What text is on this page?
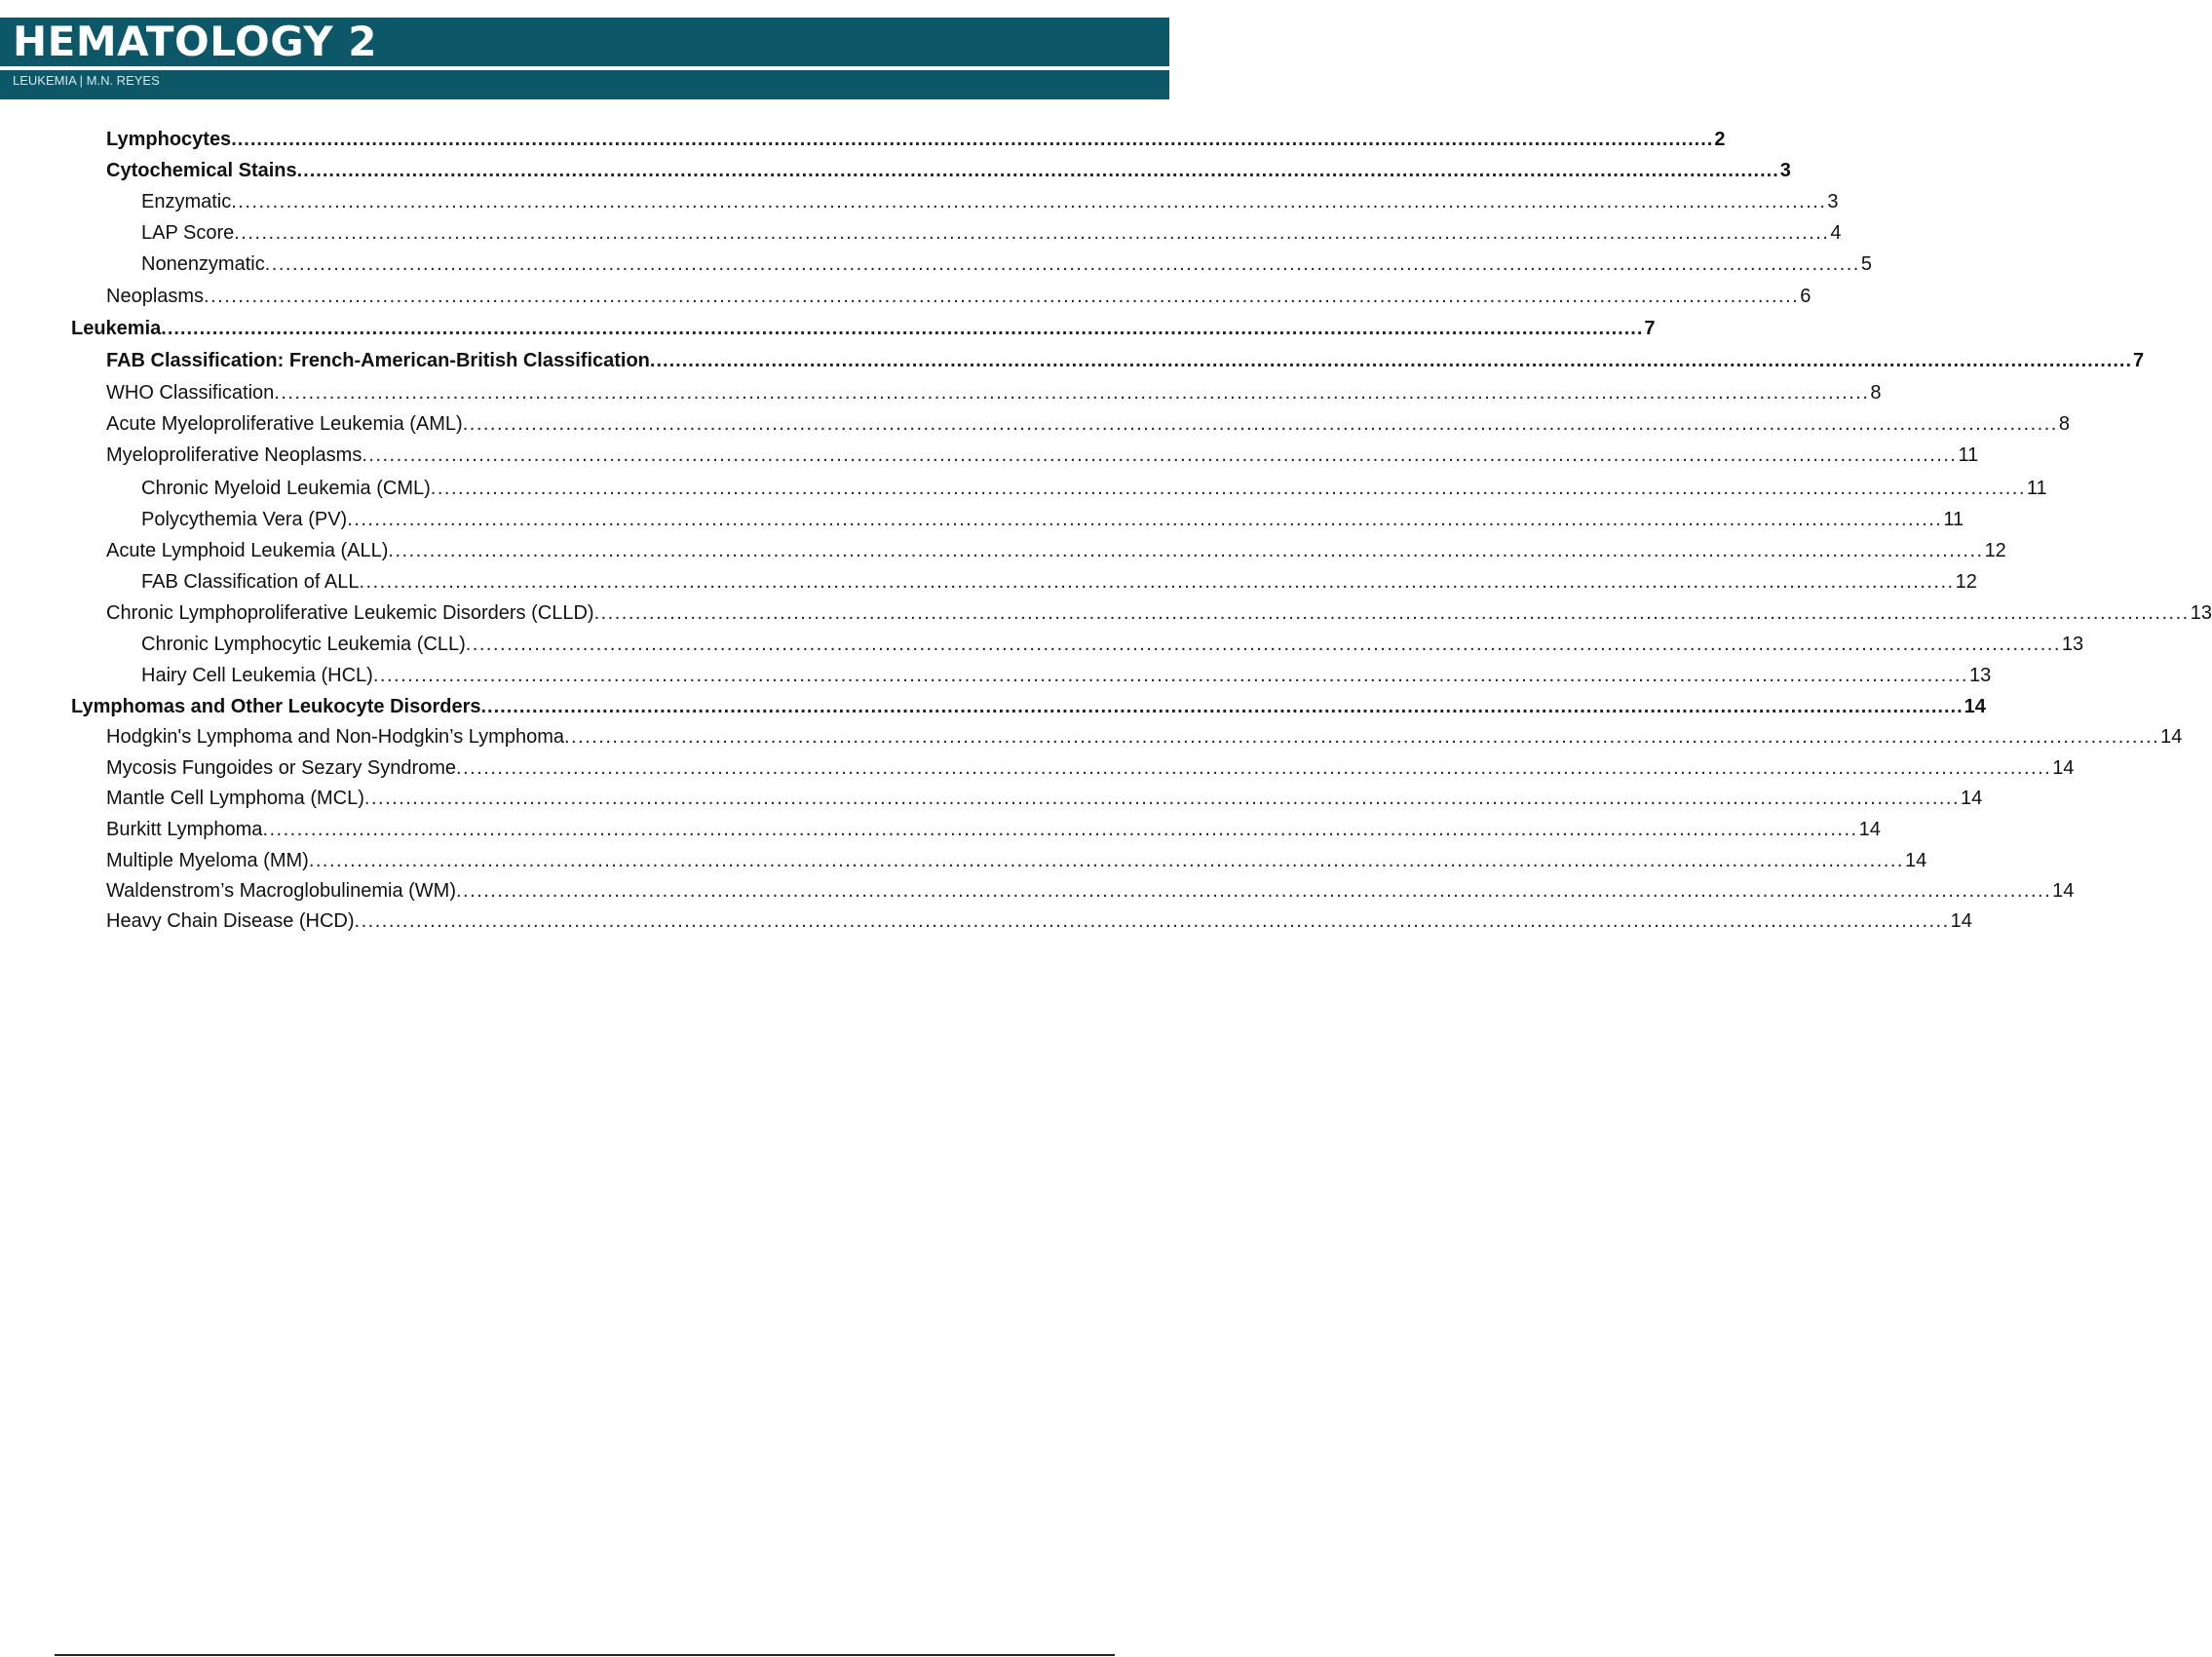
HEMATOLOGY 2
LEUKEMIA | M.N. REYES
Lymphocytes ........................................................................................................................................................................................................................................ 2
Cytochemical Stains ........................................................................................................................................................................................................................................ 3
Enzymatic ........................................................................................................................................................................................................................................ 3
LAP Score ........................................................................................................................................................................................................................................ 4
Nonenzymatic ........................................................................................................................................................................................................................................ 5
Neoplasms ........................................................................................................................................................................................................................................ 6
Leukemia ........................................................................................................................................................................................................................................ 7
FAB Classification: French-American-British Classification ........................................................................................................................................................................................................................................ 7
WHO Classification ........................................................................................................................................................................................................................................ 8
Acute Myeloproliferative Leukemia (AML) ........................................................................................................................................................................................................................................ 8
Myeloproliferative Neoplasms ........................................................................................................................................................................................................................................ 11
Chronic Myeloid Leukemia (CML) ........................................................................................................................................................................................................................................ 11
Polycythemia Vera (PV) ........................................................................................................................................................................................................................................ 11
Acute Lymphoid Leukemia (ALL) ........................................................................................................................................................................................................................................ 12
FAB Classification of ALL ........................................................................................................................................................................................................................................ 12
Chronic Lymphoproliferative Leukemic Disorders (CLLD) ........................................................................................................................................................................................................................................ 13
Chronic Lymphocytic Leukemia (CLL) ........................................................................................................................................................................................................................................ 13
Hairy Cell Leukemia (HCL) ........................................................................................................................................................................................................................................ 13
Lymphomas and Other Leukocyte Disorders ........................................................................................................................................................................................................................................ 14
Hodgkin's Lymphoma and Non-Hodgkin’s Lymphoma ........................................................................................................................................................................................................................................ 14
Mycosis Fungoides or Sezary Syndrome ........................................................................................................................................................................................................................................ 14
Mantle Cell Lymphoma (MCL) ........................................................................................................................................................................................................................................ 14
Burkitt Lymphoma ........................................................................................................................................................................................................................................ 14
Multiple Myeloma (MM) ........................................................................................................................................................................................................................................ 14
Waldenstrom’s Macroglobulinemia (WM) ........................................................................................................................................................................................................................................ 14
Heavy Chain Disease (HCD) ........................................................................................................................................................................................................................................ 14
